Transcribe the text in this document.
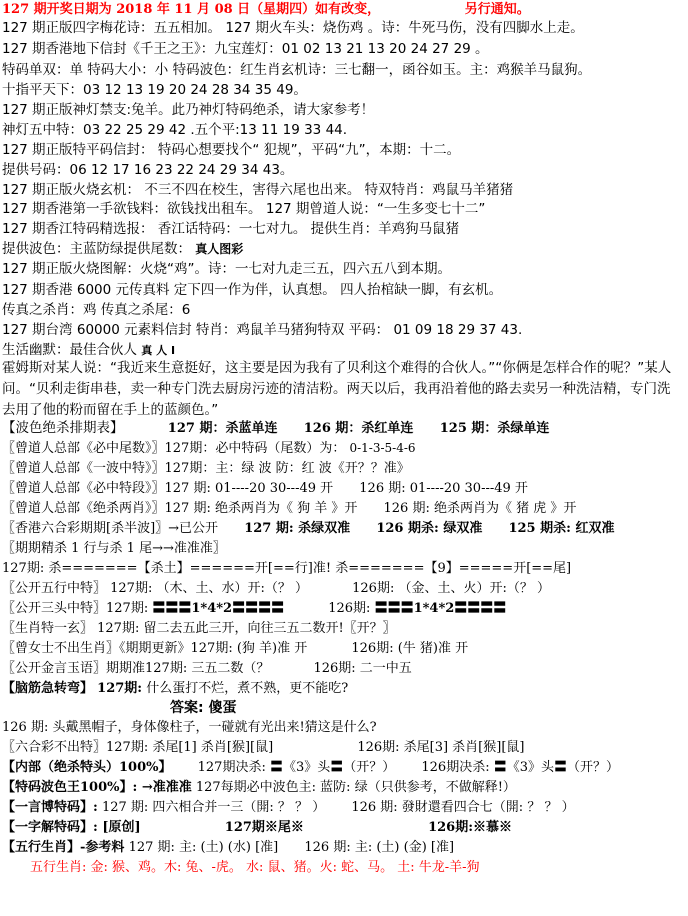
127 期开奖日期为 2018 年 11 月 08 日（星期四）如有改变，	另行通知。
127 期正版四字梅花诗：五五相加。 127 期火车头：烧伤鸡 。诗：牛死马伤，没有四脚水上走。
127 期香港地下信封《千王之王》：九宝莲灯：01 02 13 21 13 20 24 27 29 。
特码单双：单 特码大小：小 特码波色：红生肖玄机诗：三七翻一，函谷如玉。主：鸡猴羊马鼠狗。
十指平天下：03 12 13 19 20 24 28 34 35 49。
127 期正版神灯禁支:兔羊。此乃神灯特码绝杀，请大家参考！
神灯五中特：03 22 25 29 42 .五个平:13 11 19 33 44.
127 期正版特平码信封： 特码心想要找个“ 犯规”，平码“九”，本期：十二。
提供号码：06 12 17 16 23 22 24 29 34 43。
127 期正版火烧玄机： 不三不四在校生，害得六尾也出来。 特双特肖：鸡鼠马羊猪猪
127 期香港第一手欲钱料：欲钱找出租车。 127 期曾道人说：“一生多变七十二”
127 期香江特码精选报： 香江话特码：一七对九。 提供生肖：羊鸡狗马鼠猪
提供波色：主蓝防绿提供尾数： 真人图彩
127 期正版火烧图解：火烧“鸡”。诗：一七对九走三五，四六五八到本期。
127 期香港 6000 元传真料 定下四一作为伴，认真想。 四人抬棺缺一脚，有玄机。
传真之杀肖：鸡 传真之杀尾：6
127 期台湾 60000 元素料信封 特肖：鸡鼠羊马猪狗特双 平码： 01 09 18 29 37 43.
生活幽默：最佳合伙人 真 人 I
霍姆斯对某人说：“我近来生意挺好，这主要是因为我有了贝利这个难得的合伙人。”“你俩是怎样合作的呢？”某人问。“贝利走街串巷，卖一种专门洗去厨房污迹的清洁粉。两天以后，我再沿着他的路去卖另一种洗洁精，专门洗去用了他的粉而留在手上的蓝颜色。”
【波色绝杀排期表】	127 期：杀蓝单连 126 期：杀红单连 125 期：杀绿单连
〖曾道人总部《必中尾数》〗127期：必中特码（尾数）为： 0-1-3-5-4-6
〖曾道人总部《一波中特》〗127期：主：绿 波 防：红 波《开？？准》
〖曾道人总部《必中特段》〗127 期: 01----20 30---49 开 126 期: 01----20 30---49 开
〖曾道人总部《绝杀两肖》〗127 期: 绝杀两肖为《 狗 羊 》开 126 期: 绝杀两肖为《 猪 虎 》开
〖香港六合彩期期[杀半波]〗→已公开 127 期: 杀绿双准 126 期杀: 绿双准 125 期杀: 红双准
〖期期精杀 1 行与杀 1 尾→→准准准〗
127期: 杀=======【杀土】======开[==行]准! 杀=======【9】=====开[==尾]
〖公开五行中特〗 127期: （木、土、水）开:（？ ）	126期: （金、土、火）开:（？ ）
〖公开三头中特〗127期: 〓〓〓1*4*2〓〓〓〓	126期: 〓〓〓1*4*2〓〓〓〓
〖生肖特一玄〗 127期: 留二去五此三开，向往三五二数开!〖开？〗
〖曾女士不出生肖〗《期期更新》127期: (狗 羊)准 开	126期: (牛 猪)准 开
〖公开金言玉语〗期期准127期: 三五二数（？	126期: 二一中五
【脑筋急转弯】 127期: 什么蛋打不烂，煮不熟，更不能吃?
答案: 傻蛋
126 期: 头戴黑帽子，身体像柱子，一碰就有光出来!猜这是什么?
〖六合彩不出特〗127期: 杀尾[1] 杀肖[猴][鼠]	126期: 杀尾[3] 杀肖[猴][鼠]
【内部（绝杀特头）100%】 127期决杀: 〓《3》头〓（开？） 126期决杀: 〓《3》头〓（开？）
【特码波色王100%】: →准准准 127每期必中波色主: 蓝防: 绿（只供参考，不做解释!）
【一言博特码】: 127 期: 四六相合并一三（開: ？ ？ ） 126 期: 發財還看四合七（開: ？ ？ ）
【一字解特码】: [原创]	127期※尾※	126期:※慕※
【五行生肖】-参考料 127 期: 主: (土) (水) [准] 126 期: 主: (土) (金) [准]
五行生肖: 金: 猴、鸡。木: 兔、-虎。 水: 鼠、猪。火: 蛇、马。 土: 牛龙-羊-狗
